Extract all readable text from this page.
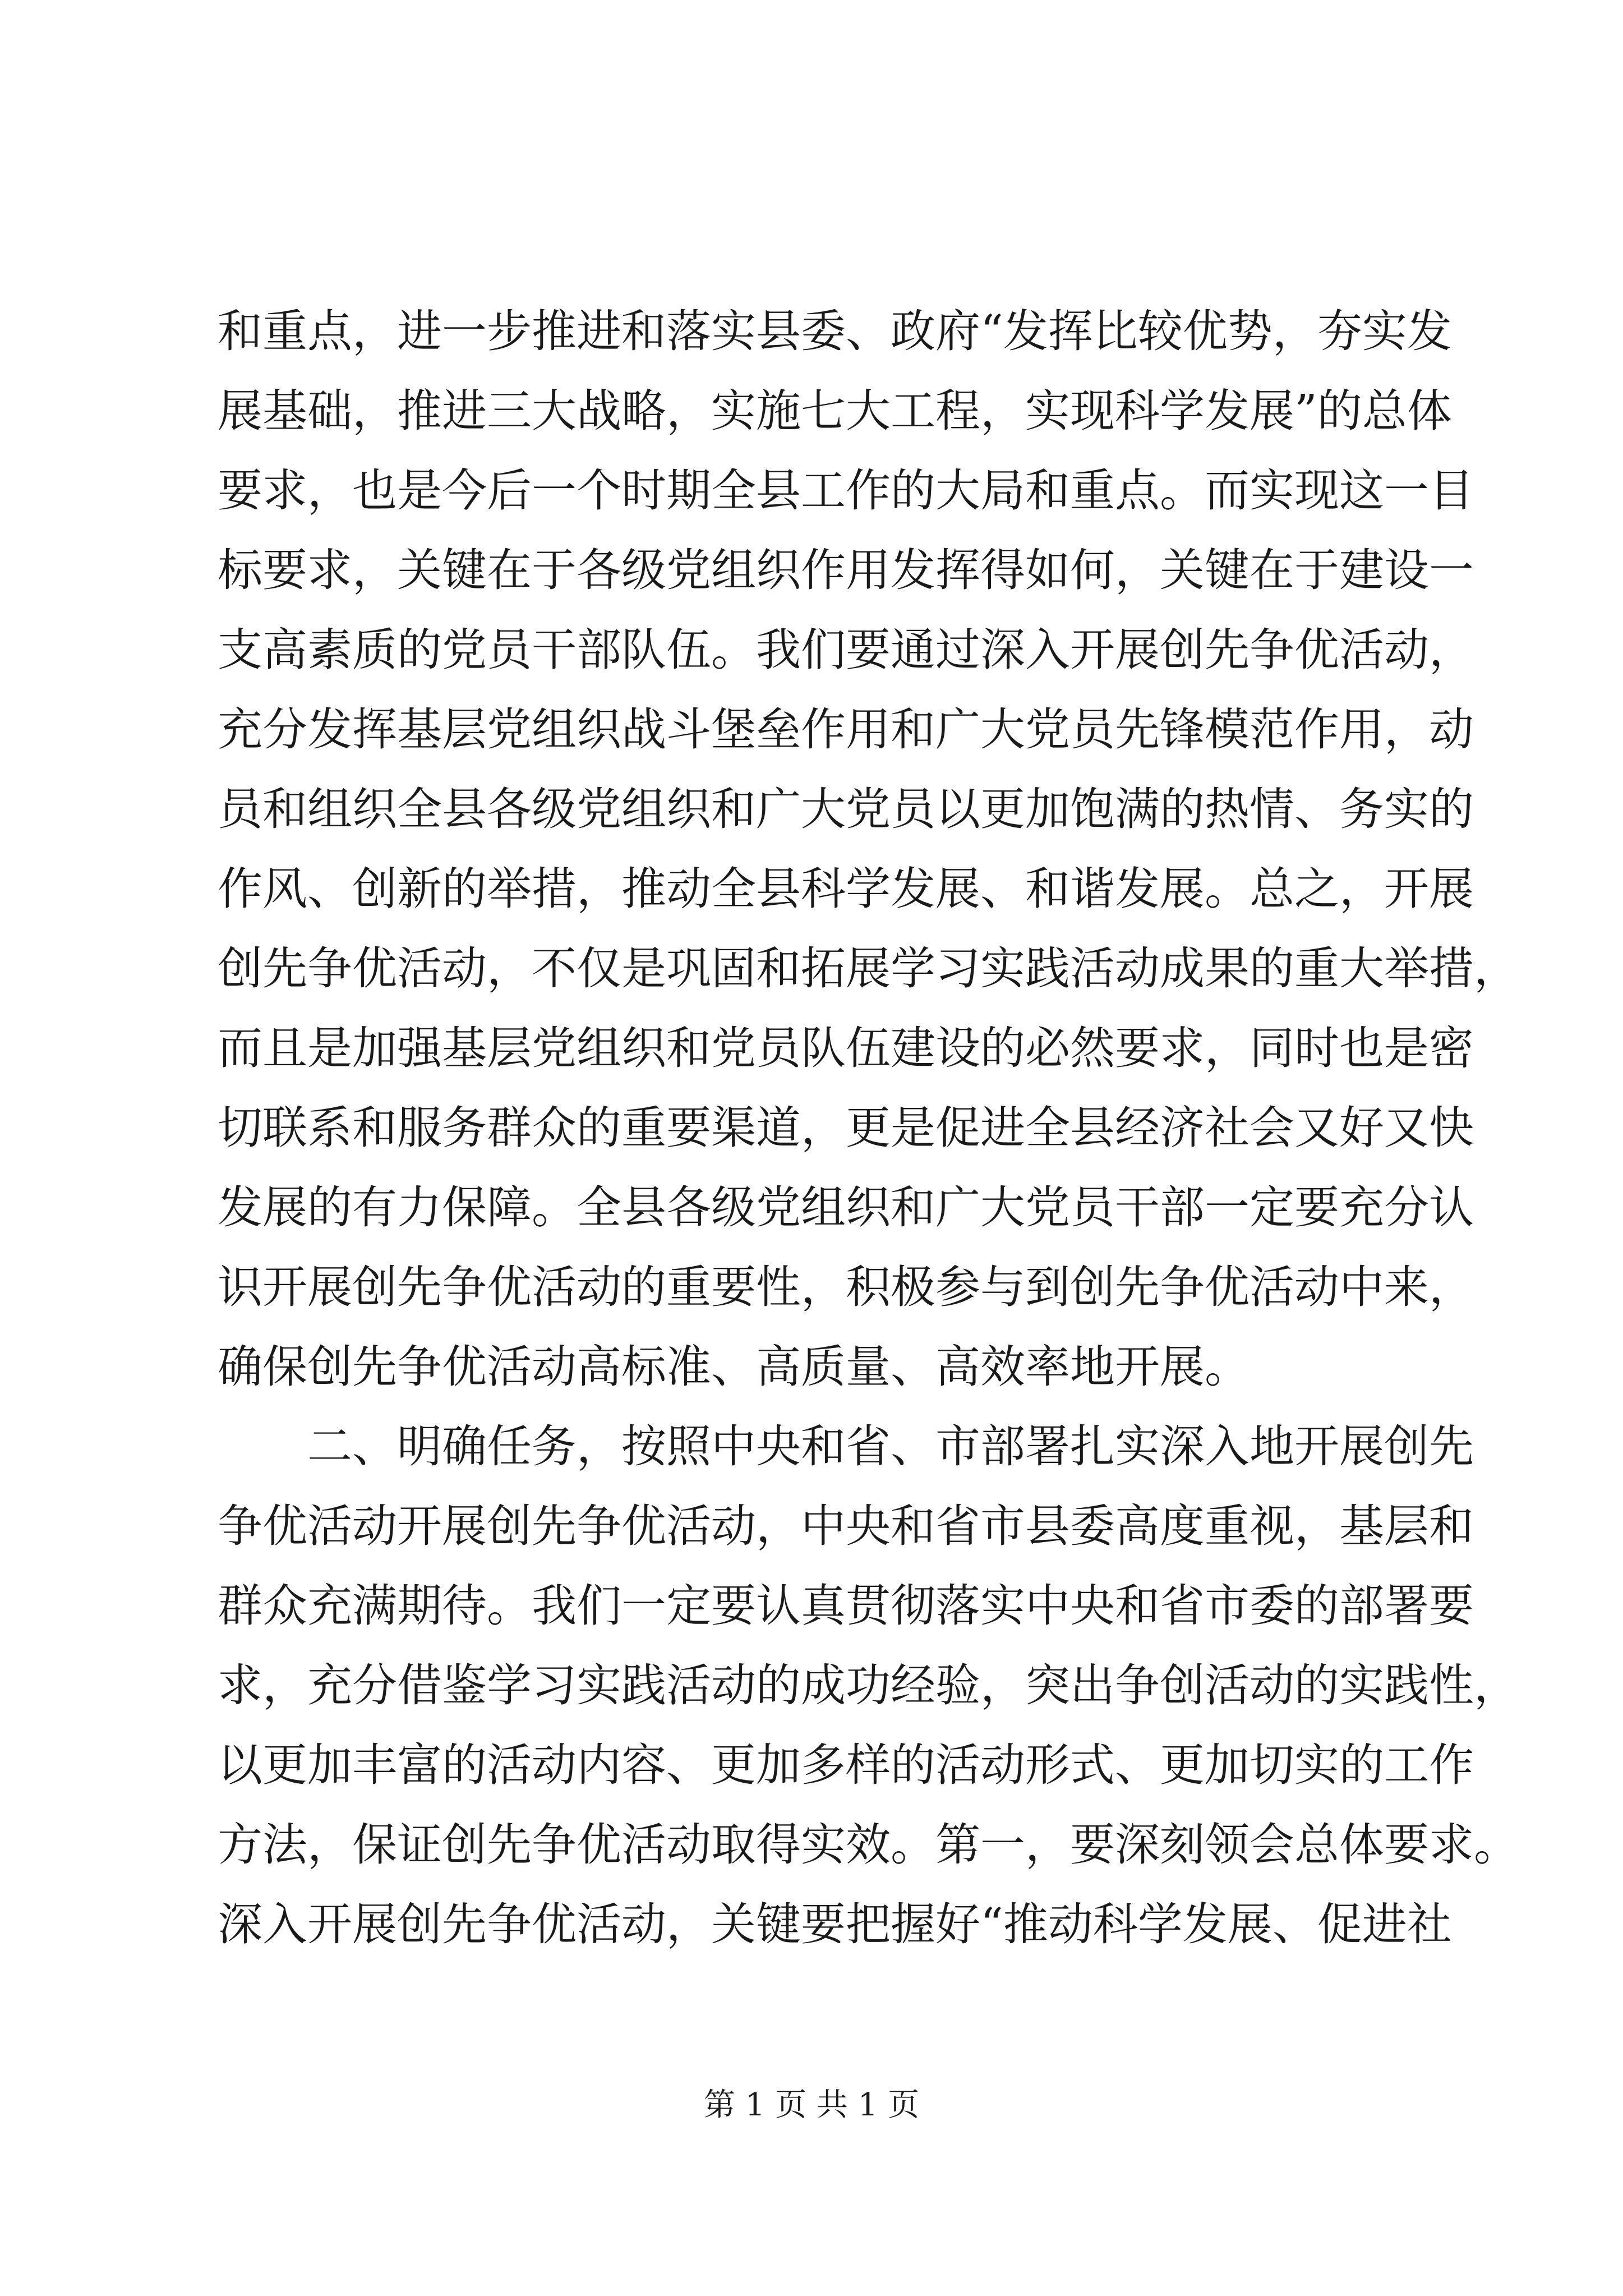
和重点，进一步推进和落实县委、政府“发挥比较优势，夯实发
展基础，推进三大战略，实施七大工程，实现科学发展”的总体
要求，也是今后一个时期全县工作的大局和重点。而实现这一目
标要求，关键在于各级党组织作用发挥得如何，关键在于建设一
支高素质的党员干部队伍。我们要通过深入开展创先争优活动，
充分发挥基层党组织战斗堡垒作用和广大党员先锋模范作用，动
员和组织全县各级党组织和广大党员以更加饱满的热情、务实的
作风、创新的举措，推动全县科学发展、和谐发展。总之，开展
创先争优活动，不仅是巩固和拓展学习实践活动成果的重大举措，
而且是加强基层党组织和党员队伍建设的必然要求，同时也是密
切联系和服务群众的重要渠道，更是促进全县经济社会又好又快
发展的有力保障。全县各级党组织和广大党员干部一定要充分认
识开展创先争优活动的重要性，积极参与到创先争优活动中来，
确保创先争优活动高标准、高质量、高效率地开展。
二、明确任务，按照中央和省、市部署扎实深入地开展创先
争优活动开展创先争优活动，中央和省市县委高度重视，基层和
群众充满期待。我们一定要认真贯彻落实中央和省市委的部署要
求，充分借鉴学习实践活动的成功经验，突出争创活动的实践性，
以更加丰富的活动内容、更加多样的活动形式、更加切实的工作
方法，保证创先争优活动取得实效。第一，要深刻领会总体要求。
深入开展创先争优活动，关键要把握好“推动科学发展、促进社
第 1 页 共 1 页
